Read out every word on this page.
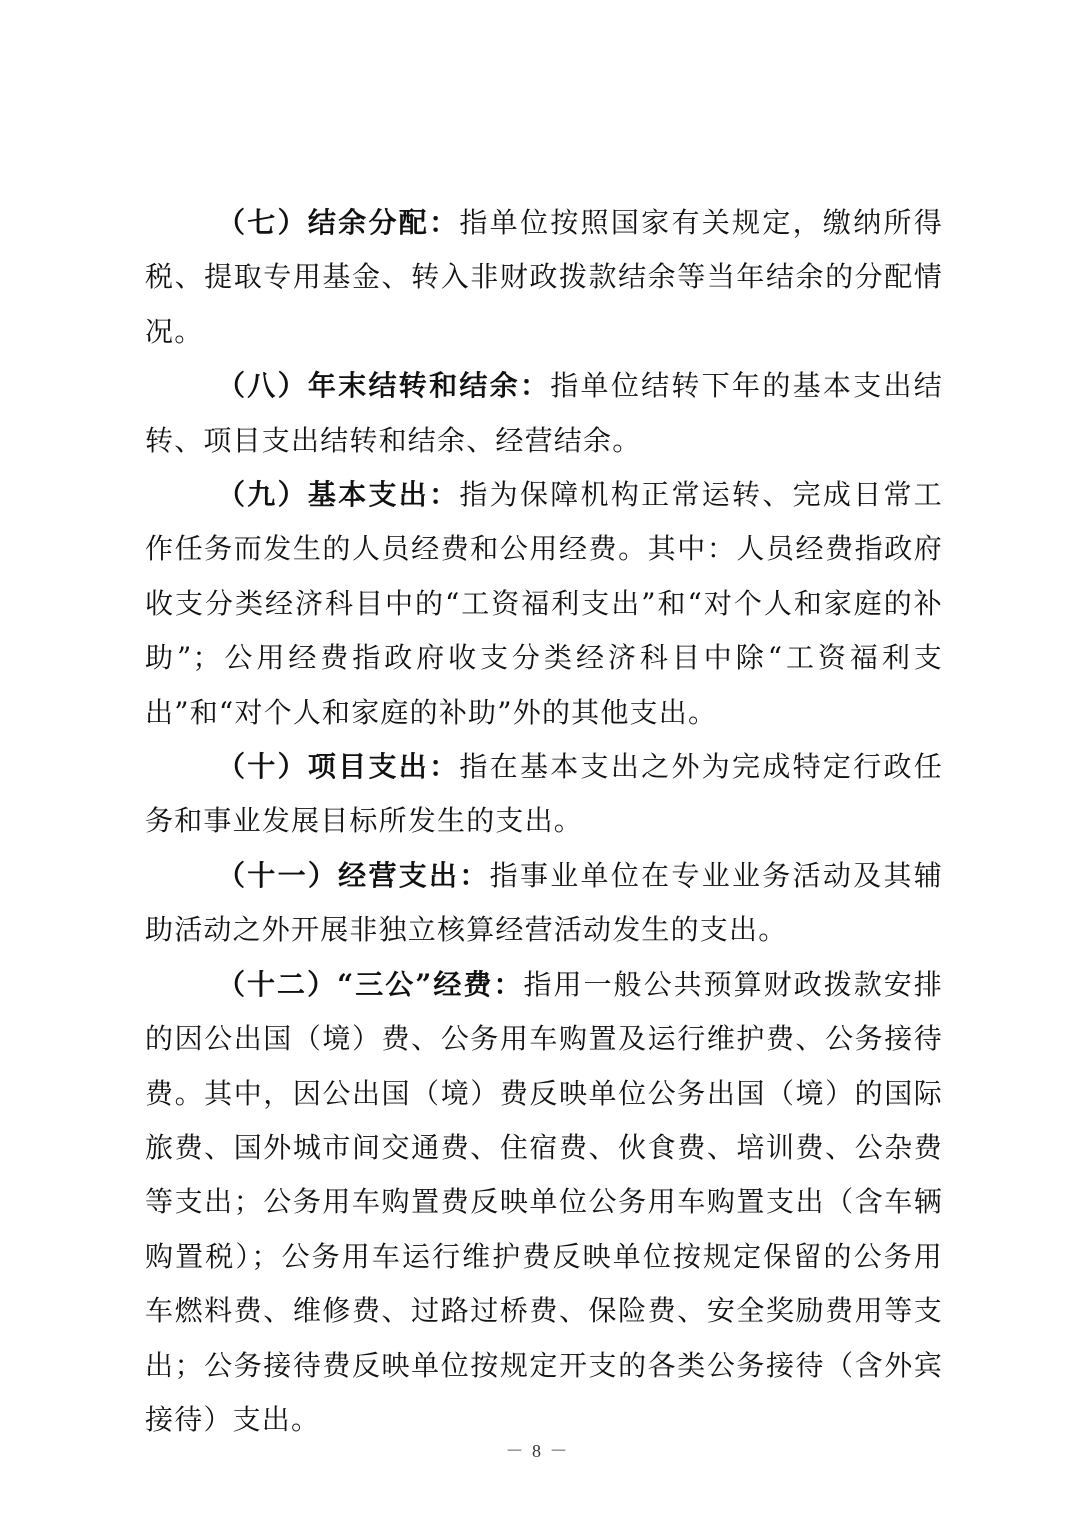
（七）结余分配：指单位按照国家有关规定，缴纳所得税、提取专用基金、转入非财政拨款结余等当年结余的分配情况。

（八）年末结转和结余：指单位结转下年的基本支出结转、项目支出结转和结余、经营结余。

（九）基本支出：指为保障机构正常运转、完成日常工作任务而发生的人员经费和公用经费。其中：人员经费指政府收支分类经济科目中的“工资福利支出”和“对个人和家庭的补助”；公用经费指政府收支分类经济科目中除“工资福利支出”和“对个人和家庭的补助”外的其他支出。

（十）项目支出：指在基本支出之外为完成特定行政任务和事业发展目标所发生的支出。

（十一）经营支出：指事业单位在专业业务活动及其辅助活动之外开展非独立核算经营活动发生的支出。

（十二）“三公”经费：指用一般公共预算财政拨款安排的因公出国（境）费、公务用车购置及运行维护费、公务接待费。其中，因公出国（境）费反映单位公务出国（境）的国际旅费、国外城市间交通费、住宿费、伙食费、培训费、公杂费等支出；公务用车购置费反映单位公务用车购置支出（含车辆购置税）；公务用车运行维护费反映单位按规定保留的公务用车燃料费、维修费、过路过桥费、保险费、安全奖励费用等支出；公务接待费反映单位按规定开支的各类公务接待（含外宾接待）支出。

－ 8 －
